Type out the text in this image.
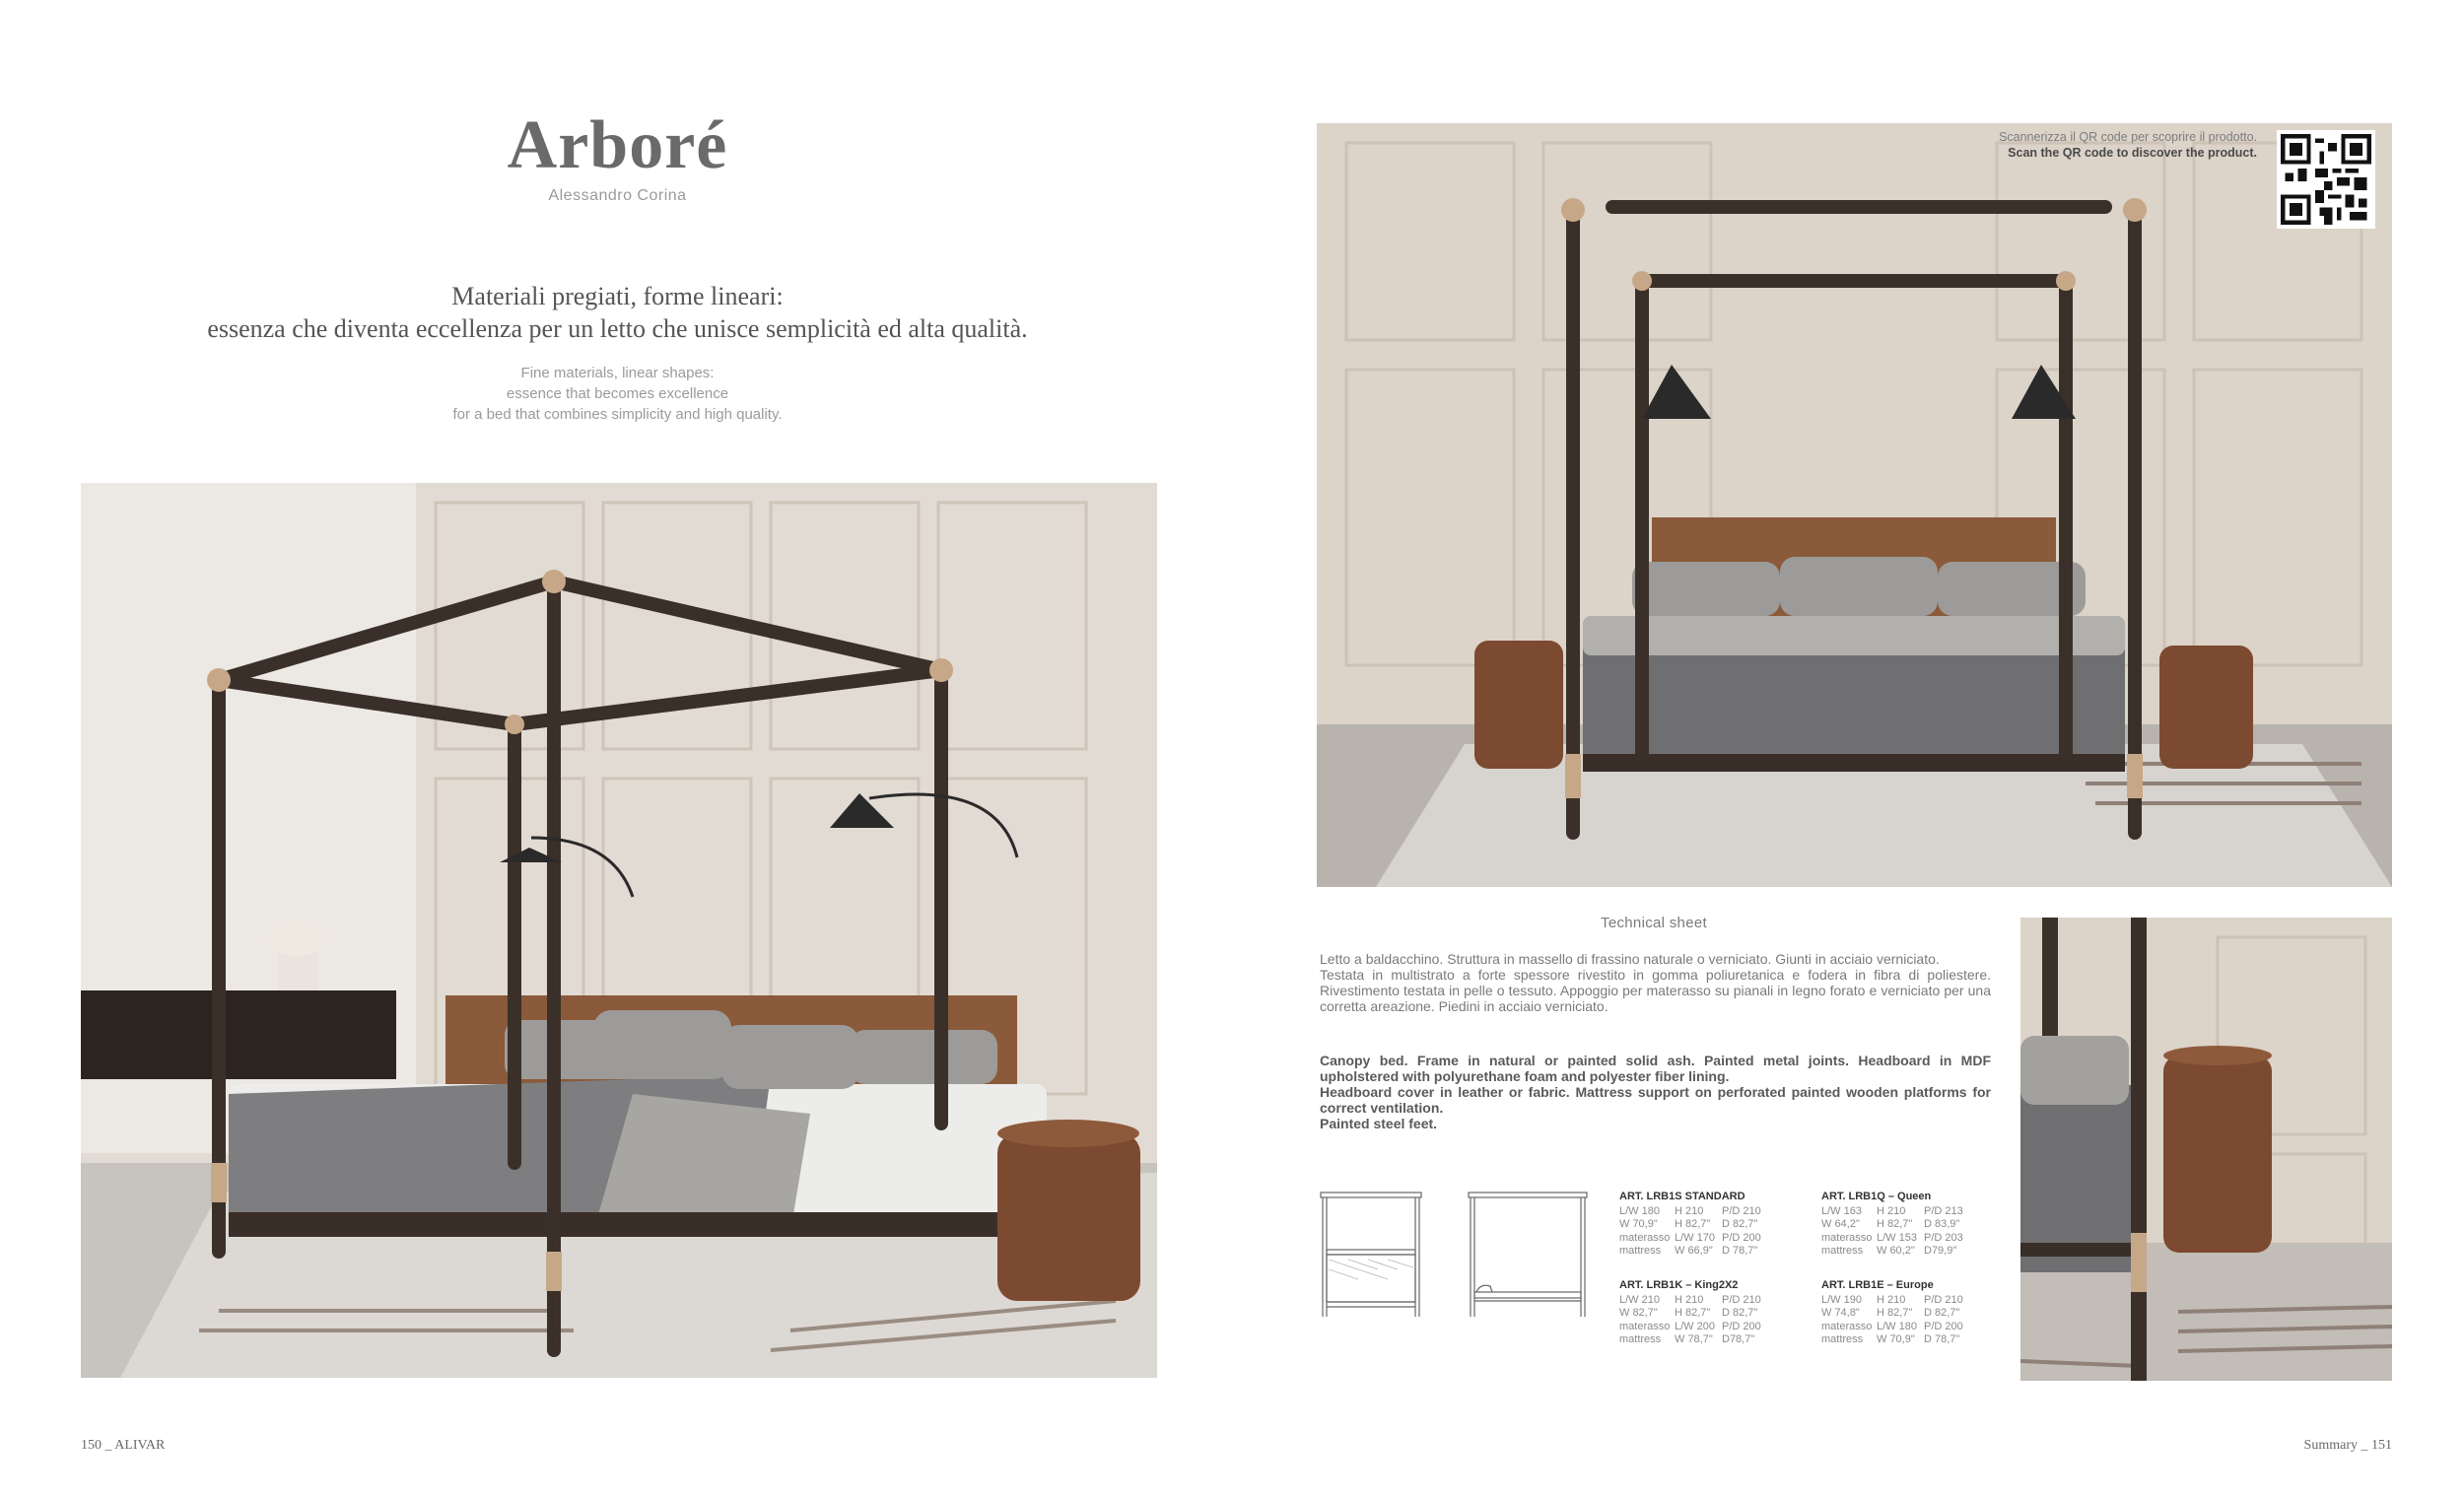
Arboré
Alessandro Corina
Materiali pregiati, forme lineari:
essenza che diventa eccellenza per un letto che unisce semplicità ed alta qualità.
Fine materials, linear shapes:
essence that becomes excellence
for a bed that combines simplicity and high quality.
150 _ ALIVAR
Scannerizza il QR code per scoprire il prodotto.
Scan the QR code to discover the product.
Technical sheet
Letto a baldacchino. Struttura in massello di frassino naturale o verniciato. Giunti in acciaio verniciato.
Testata in multistrato a forte spessore rivestito in gomma poliuretanica e fodera in fibra di poliestere. Rivestimento testata in pelle o tessuto. Appoggio per materasso su pianali in legno forato e verniciato per una corretta areazione. Piedini in acciaio verniciato.
Canopy bed. Frame in natural or painted solid ash. Painted metal joints. Headboard in MDF upholstered with polyurethane foam and polyester fiber lining.
Headboard cover in leather or fabric. Mattress support on perforated painted wooden platforms for correct ventilation.
Painted steel feet.
ART. LRB1S STANDARD
L/W 180	H 210	P/D 210
W 70,9"	H 82,7"	D 82,7"
materasso L/W 170 P/D 200
mattress	W 66,9" D 78,7"
ART. LRB1Q – Queen
L/W 163	H 210	P/D 213
W 64,2"	H 82,7"	D 83,9"
materasso L/W 153 P/D 203
mattress	W 60,2" D79,9"
ART. LRB1K – King2X2
L/W 210	H 210	P/D 210
W 82,7"	H 82,7"	D 82,7"
materasso L/W 200 P/D 200
mattress	W 78,7" D78,7"
ART. LRB1E – Europe
L/W 190	H 210	P/D 210
W 74,8"	H 82,7"	D 82,7"
materasso L/W 180 P/D 200
mattress	W 70,9" D 78,7"
Summary _ 151
